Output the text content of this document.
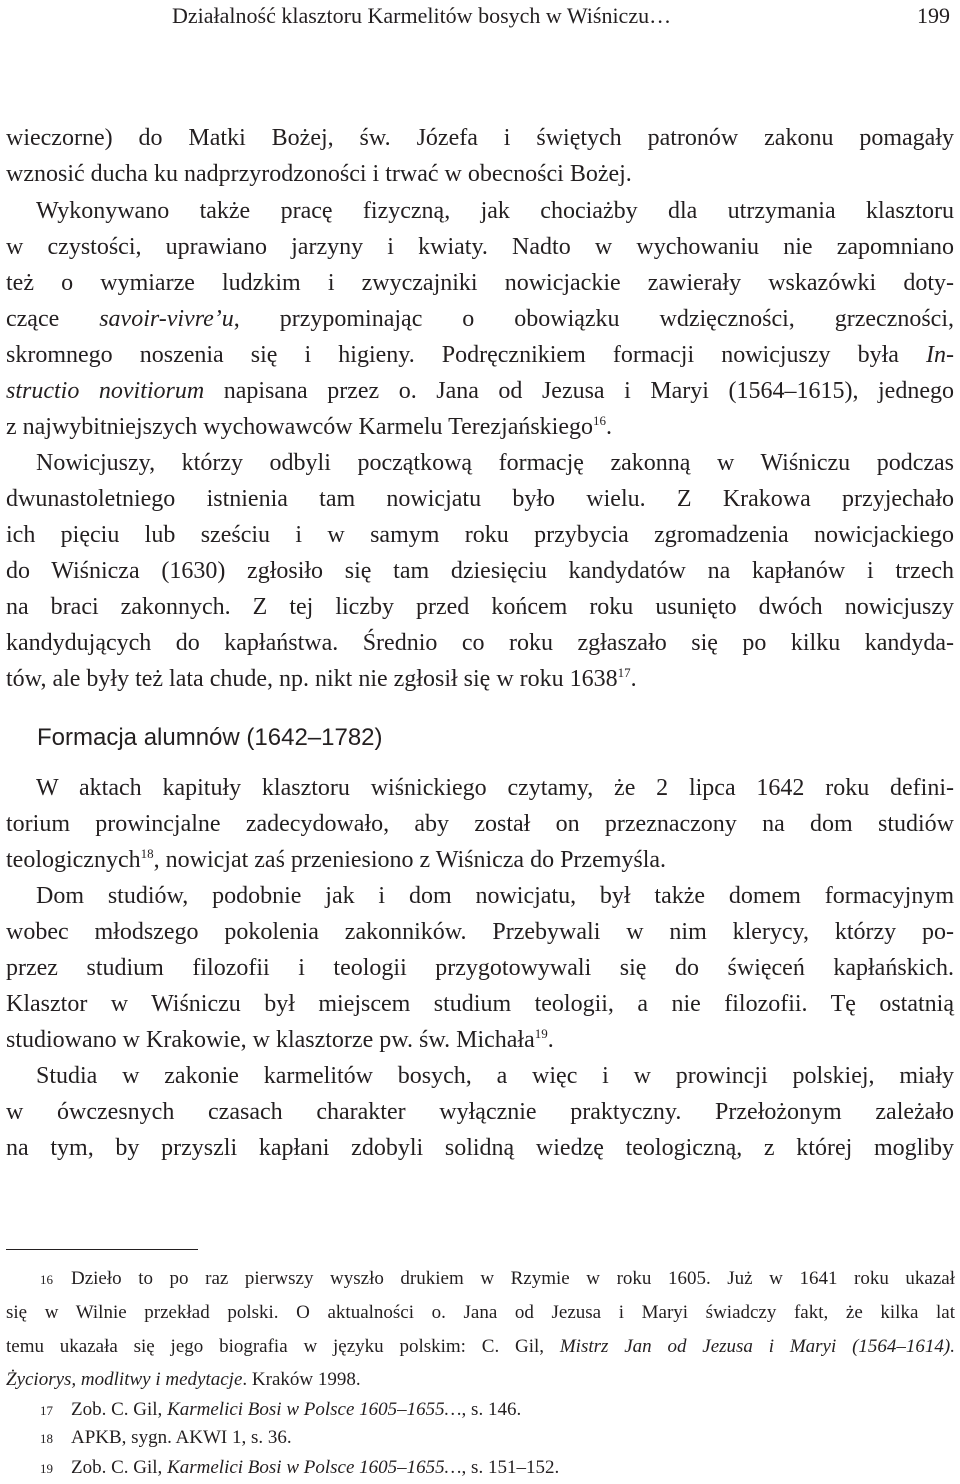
Działalność klasztoru Karmelitów bosych w Wiśniczu…	199
wieczorne) do Matki Bożej, św. Józefa i świętych patronów zakonu pomagały
wznosić ducha ku nadprzyrodzoności i trwać w obecności Bożej.
Wykonywano także pracę fizyczną, jak chociażby dla utrzymania klasztoru
w czystości, uprawiano jarzyny i kwiaty. Nadto w wychowaniu nie zapomniano
też o wymiarze ludzkim i zwyczajniki nowicjackie zawierały wskazówki doty-
czące savoir-vivre’u, przypominając o obowiązku wdzięczności, grzeczności,
skromnego noszenia się i higieny. Podręcznikiem formacji nowicjuszy była In-
structio novitiorum napisana przez o. Jana od Jezusa i Maryi (1564–1615), jednego
z najwybitniejszych wychowawców Karmelu Terezjańskiego$^{16}$.
Nowicjuszy, którzy odbyli początkową formację zakonną w Wiśniczu podczas
dwunastoletniego istnienia tam nowicjatu było wielu. Z Krakowa przyjechało
ich pięciu lub sześciu i w samym roku przybycia zgromadzenia nowicjackiego
do Wiśnicza (1630) zgłosiło się tam dziesięciu kandydatów na kapłanów i trzech
na braci zakonnych. Z tej liczby przed końcem roku usunięto dwóch nowicjuszy
kandydujących do kapłaństwa. Średnio co roku zgłaszało się po kilku kandyda-
tów, ale były też lata chude, np. nikt nie zgłosił się w roku 1638$^{17}$.
W aktach kapituły klasztoru wiśnickiego czytamy, że 2 lipca 1642 roku defini-
torium prowincjalne zadecydowało, aby został on przeznaczony na dom studiów
teologicznych$^{18}$, nowicjat zaś przeniesiono z Wiśnicza do Przemyśla.
Dom studiów, podobnie jak i dom nowicjatu, był także domem formacyjnym
wobec młodszego pokolenia zakonników. Przebywali w nim klerycy, którzy po-
przez studium filozofii i teologii przygotowywali się do święceń kapłańskich.
Klasztor w Wiśniczu był miejscem studium teologii, a nie filozofii. Tę ostatnią
studiowano w Krakowie, w klasztorze pw. św. Michała$^{19}$.
Studia w zakonie karmelitów bosych, a więc i w prowincji polskiej, miały
w ówczesnych czasach charakter wyłącznie praktyczny. Przełożonym zależało
na tym, by przyszli kapłani zdobyli solidną wiedzę teologiczną, z której mogliby
Formacja alumnów (1642–1782)
16 Dzieło to po raz pierwszy wyszło drukiem w Rzymie w roku 1605. Już w 1641 roku ukazał
się w Wilnie przekład polski. O aktualności o. Jana od Jezusa i Maryi świadczy fakt, że kilka lat
temu ukazała się jego biografia w języku polskim: C. Gil, Mistrz Jan od Jezusa i Maryi (1564–1614).
Życiorys, modlitwy i medytacje. Kraków 1998.
17 Zob. C. Gil, Karmelici Bosi w Polsce 1605–1655…, s. 146.
18 APKB, sygn. AKWI 1, s. 36.
19 Zob. C. Gil, Karmelici Bosi w Polsce 1605–1655…, s. 151–152.
